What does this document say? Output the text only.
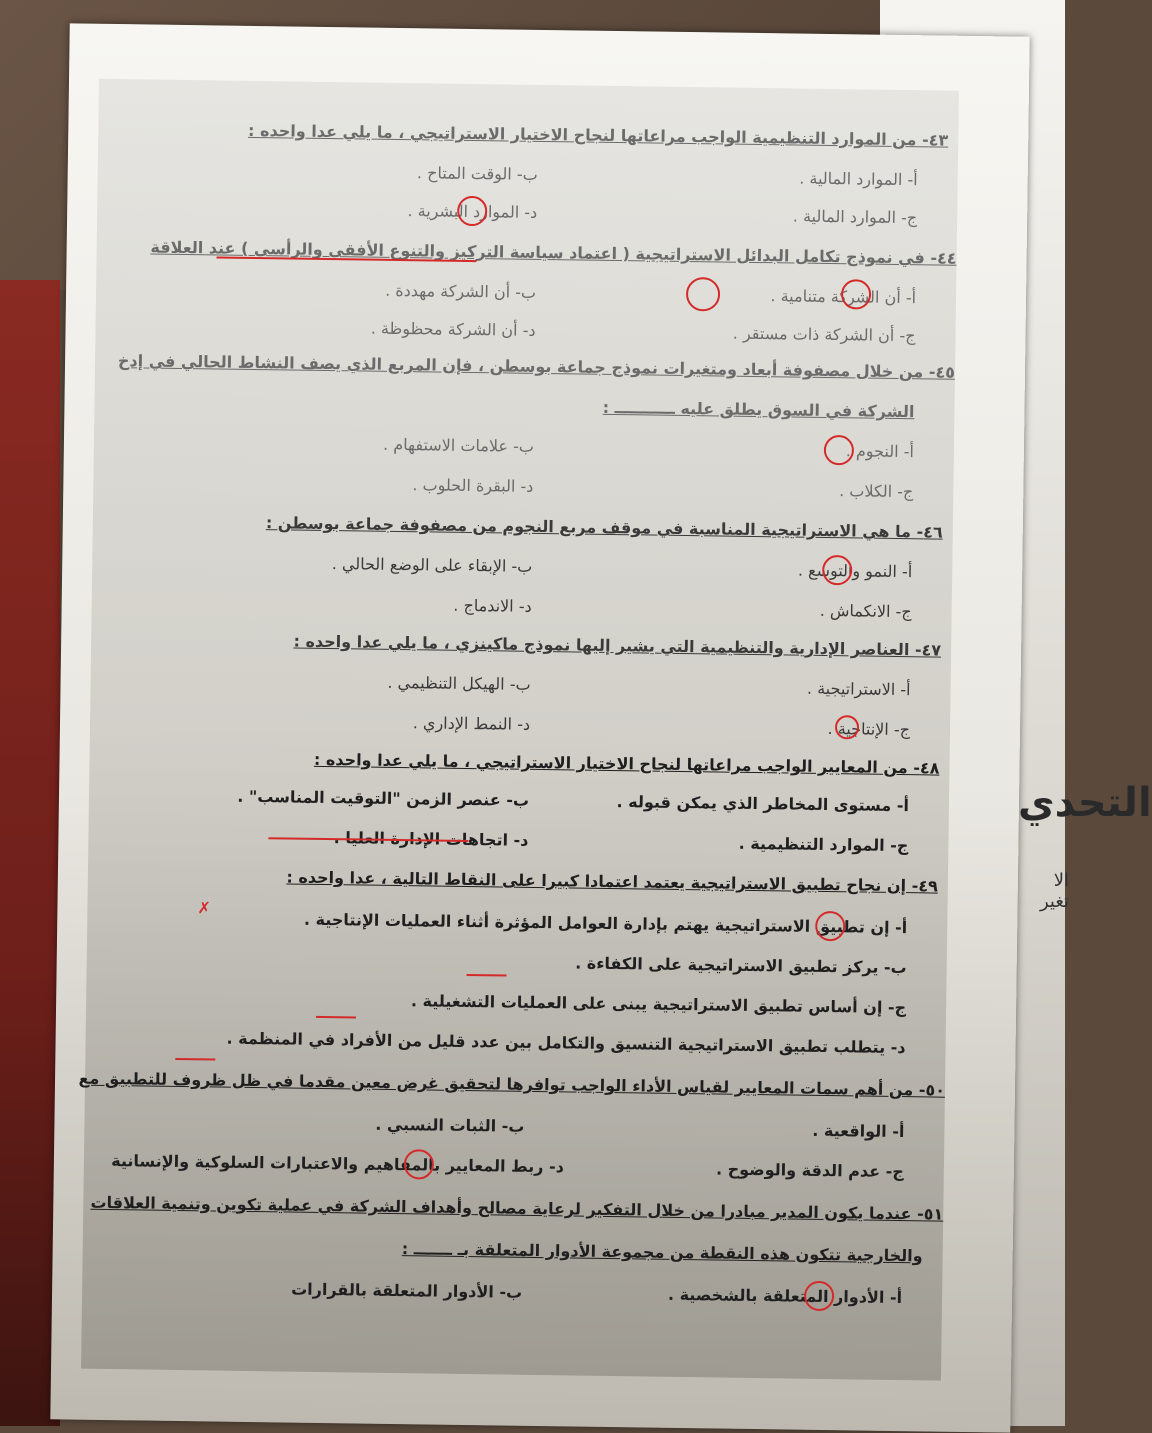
التحدي
الا تغير
٤٣- من الموارد التنظيمية الواجب مراعاتها لنجاح الاختيار الاستراتيجي ، ما يلي عدا واحده :
أ- الموارد المالية .
ب- الوقت المتاح .
ج- الموارد المالية .
د- الموارد البشرية .
٤٤- في نموذج تكامل البدائل الاستراتيجية ( اعتماد سياسة التركيز والتنوع الأفقي والرأسي ) عند العلاقة
أ- أن الشركة متنامية .
ب- أن الشركة مهددة .
ج- أن الشركة ذات مستقر .
د- أن الشركة محظوظة .
٤٥- من خلال مصفوفة أبعاد ومتغيرات نموذج جماعة بوسطن ، فإن المربع الذي يصف النشاط الحالي في إدخ
الشركة في السوق يطلق عليه ـــــــــــ :
أ- النجوم .
ب- علامات الاستفهام .
ج- الكلاب .
د- البقرة الحلوب .
٤٦- ما هي الاستراتيجية المناسبة في موقف مربع النجوم من مصفوفة جماعة بوسطن :
أ- النمو والتوسع .
ب- الإبقاء على الوضع الحالي .
ج- الانكماش .
د- الاندماج .
٤٧- العناصر الإدارية والتنظيمية التي يشير إليها نموذج ماكينزي ، ما يلي عدا واحده :
أ- الاستراتيجية .
ب- الهيكل التنظيمي .
ج- الإنتاجية .
د- النمط الإداري .
٤٨- من المعايير الواجب مراعاتها لنجاح الاختيار الاستراتيجي ، ما يلي عدا واحده :
أ- مستوى المخاطر الذي يمكن قبوله .
ب- عنصر الزمن "التوقيت المناسب" .
ج- الموارد التنظيمية .
د- اتجاهات الإدارة العليا .
٤٩- إن نجاح تطبيق الاستراتيجية يعتمد اعتمادا كبيرا على النقاط التالية ، عدا واحده :
أ- إن تطبيق الاستراتيجية يهتم بإدارة العوامل المؤثرة أثناء العمليات الإنتاجية .
ب- يركز تطبيق الاستراتيجية على الكفاءة .
ج- إن أساس تطبيق الاستراتيجية يبنى على العمليات التشغيلية .
د- يتطلب تطبيق الاستراتيجية التنسيق والتكامل بين عدد قليل من الأفراد في المنظمة .
٥٠- من أهم سمات المعايير لقياس الأداء الواجب توافرها لتحقيق غرض معين مقدما في ظل ظروف للتطبيق مع
أ- الواقعية .
ب- الثبات النسبي .
ج- عدم الدقة والوضوح .
د- ربط المعايير بالمفاهيم والاعتبارات السلوكية والإنسانية
٥١- عندما يكون المدير مبادرا من خلال التفكير لرعاية مصالح وأهداف الشركة في عملية تكوين وتنمية العلاقات
والخارجية تتكون هذه النقطة من مجموعة الأدوار المتعلقة بـ ـــــــ :
أ- الأدوار المتعلقة بالشخصية .
ب- الأدوار المتعلقة بالقرارات
✗
